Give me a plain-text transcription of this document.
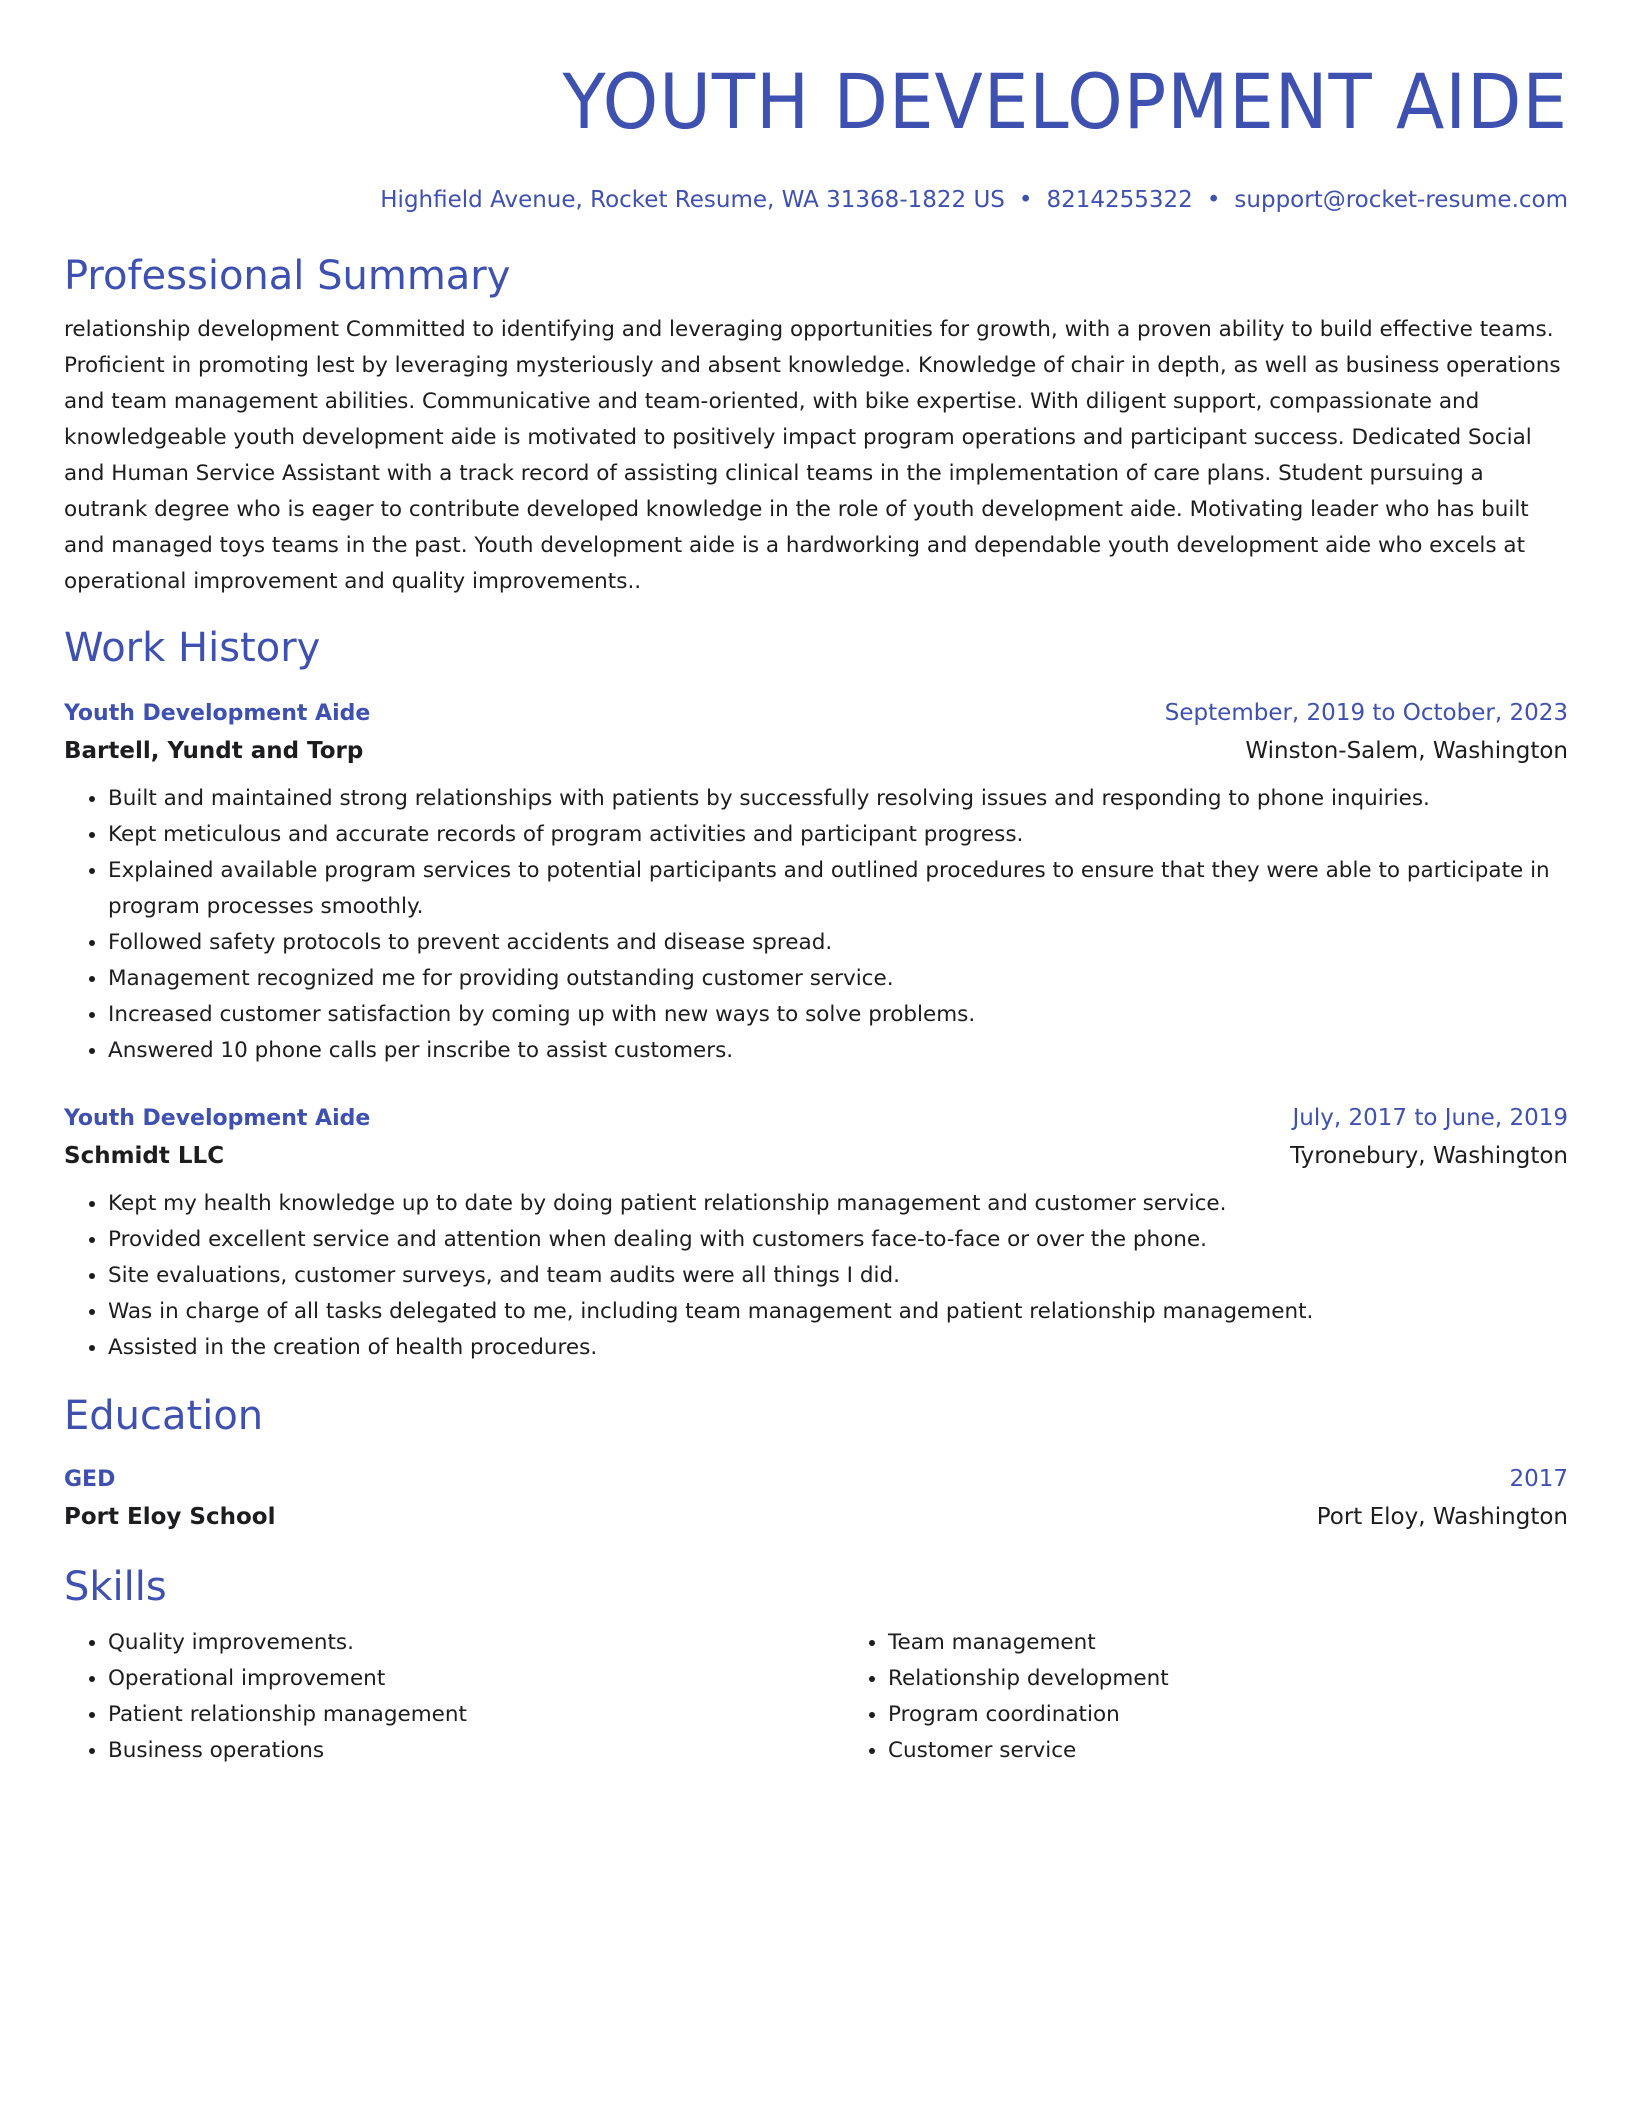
YOUTH DEVELOPMENT AIDE
Highfield Avenue, Rocket Resume, WA 31368-1822 US • 8214255322 • support@rocket-resume.com
Professional Summary

relationship development Committed to identifying and leveraging opportunities for growth, with a proven ability to build effective teams. Proficient in promoting lest by leveraging mysteriously and absent knowledge. Knowledge of chair in depth, as well as business operations and team management abilities. Communicative and team-oriented, with bike expertise. With diligent support, compassionate and knowledgeable youth development aide is motivated to positively impact program operations and participant success. Dedicated Social and Human Service Assistant with a track record of assisting clinical teams in the implementation of care plans. Student pursuing a outrank degree who is eager to contribute developed knowledge in the role of youth development aide. Motivating leader who has built and managed toys teams in the past. Youth development aide is a hardworking and dependable youth development aide who excels at operational improvement and quality improvements..

Work History
Youth Development Aide	September, 2019 to October, 2023
Bartell, Yundt and Torp	Winston-Salem, Washington
• Built and maintained strong relationships with patients by successfully resolving issues and responding to phone inquiries.
• Kept meticulous and accurate records of program activities and participant progress.
• Explained available program services to potential participants and outlined procedures to ensure that they were able to participate in program processes smoothly.
• Followed safety protocols to prevent accidents and disease spread.
• Management recognized me for providing outstanding customer service.
• Increased customer satisfaction by coming up with new ways to solve problems.
• Answered 10 phone calls per inscribe to assist customers.
Youth Development Aide	July, 2017 to June, 2019
Schmidt LLC	Tyronebury, Washington
• Kept my health knowledge up to date by doing patient relationship management and customer service.
• Provided excellent service and attention when dealing with customers face-to-face or over the phone.
• Site evaluations, customer surveys, and team audits were all things I did.
• Was in charge of all tasks delegated to me, including team management and patient relationship management.
• Assisted in the creation of health procedures.
Education
GED	2017
Port Eloy School	Port Eloy, Washington
Skills
• Quality improvements.
• Operational improvement
• Patient relationship management
• Business operations
• Team management
• Relationship development
• Program coordination
• Customer service
